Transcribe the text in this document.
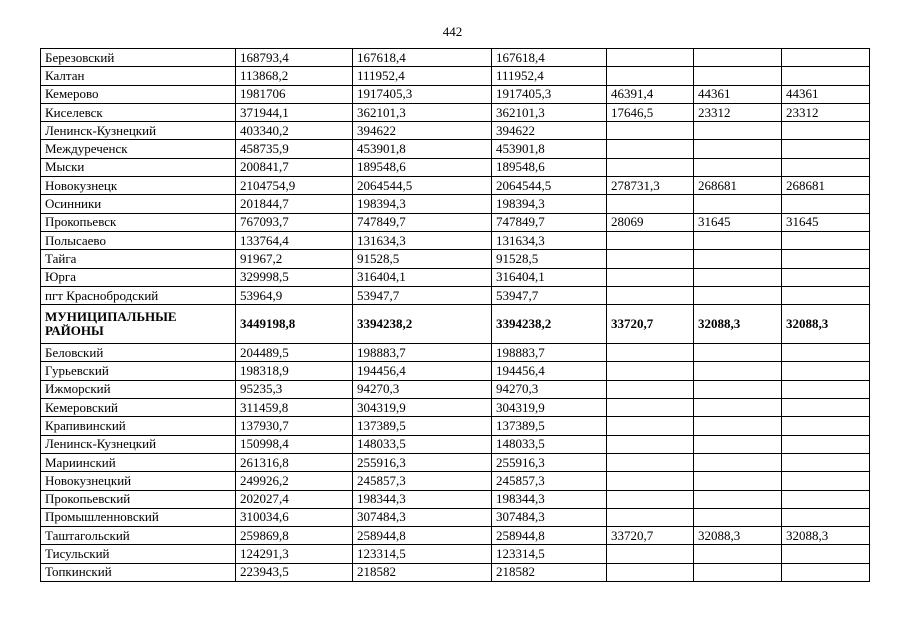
442
Березовский	168793,4	167618,4	167618,4			
Калтан	113868,2	111952,4	111952,4			
Кемерово	1981706	1917405,3	1917405,3	46391,4	44361	44361
Киселевск	371944,1	362101,3	362101,3	17646,5	23312	23312
Ленинск-Кузнецкий	403340,2	394622	394622			
Междуреченск	458735,9	453901,8	453901,8			
Мыски	200841,7	189548,6	189548,6			
Новокузнецк	2104754,9	2064544,5	2064544,5	278731,3	268681	268681
Осинники	201844,7	198394,3	198394,3			
Прокопьевск	767093,7	747849,7	747849,7	28069	31645	31645
Полысаево	133764,4	131634,3	131634,3			
Тайга	91967,2	91528,5	91528,5			
Юрга	329998,5	316404,1	316404,1			
пгт Краснобродский	53964,9	53947,7	53947,7			
МУНИЦИПАЛЬНЫЕ РАЙОНЫ	3449198,8	3394238,2	3394238,2	33720,7	32088,3	32088,3
Беловский	204489,5	198883,7	198883,7			
Гурьевский	198318,9	194456,4	194456,4			
Ижморский	95235,3	94270,3	94270,3			
Кемеровский	311459,8	304319,9	304319,9			
Крапивинский	137930,7	137389,5	137389,5			
Ленинск-Кузнецкий	150998,4	148033,5	148033,5			
Мариинский	261316,8	255916,3	255916,3			
Новокузнецкий	249926,2	245857,3	245857,3			
Прокопьевский	202027,4	198344,3	198344,3			
Промышленновский	310034,6	307484,3	307484,3			
Таштагольский	259869,8	258944,8	258944,8	33720,7	32088,3	32088,3
Тисульский	124291,3	123314,5	123314,5			
Топкинский	223943,5	218582	218582			
